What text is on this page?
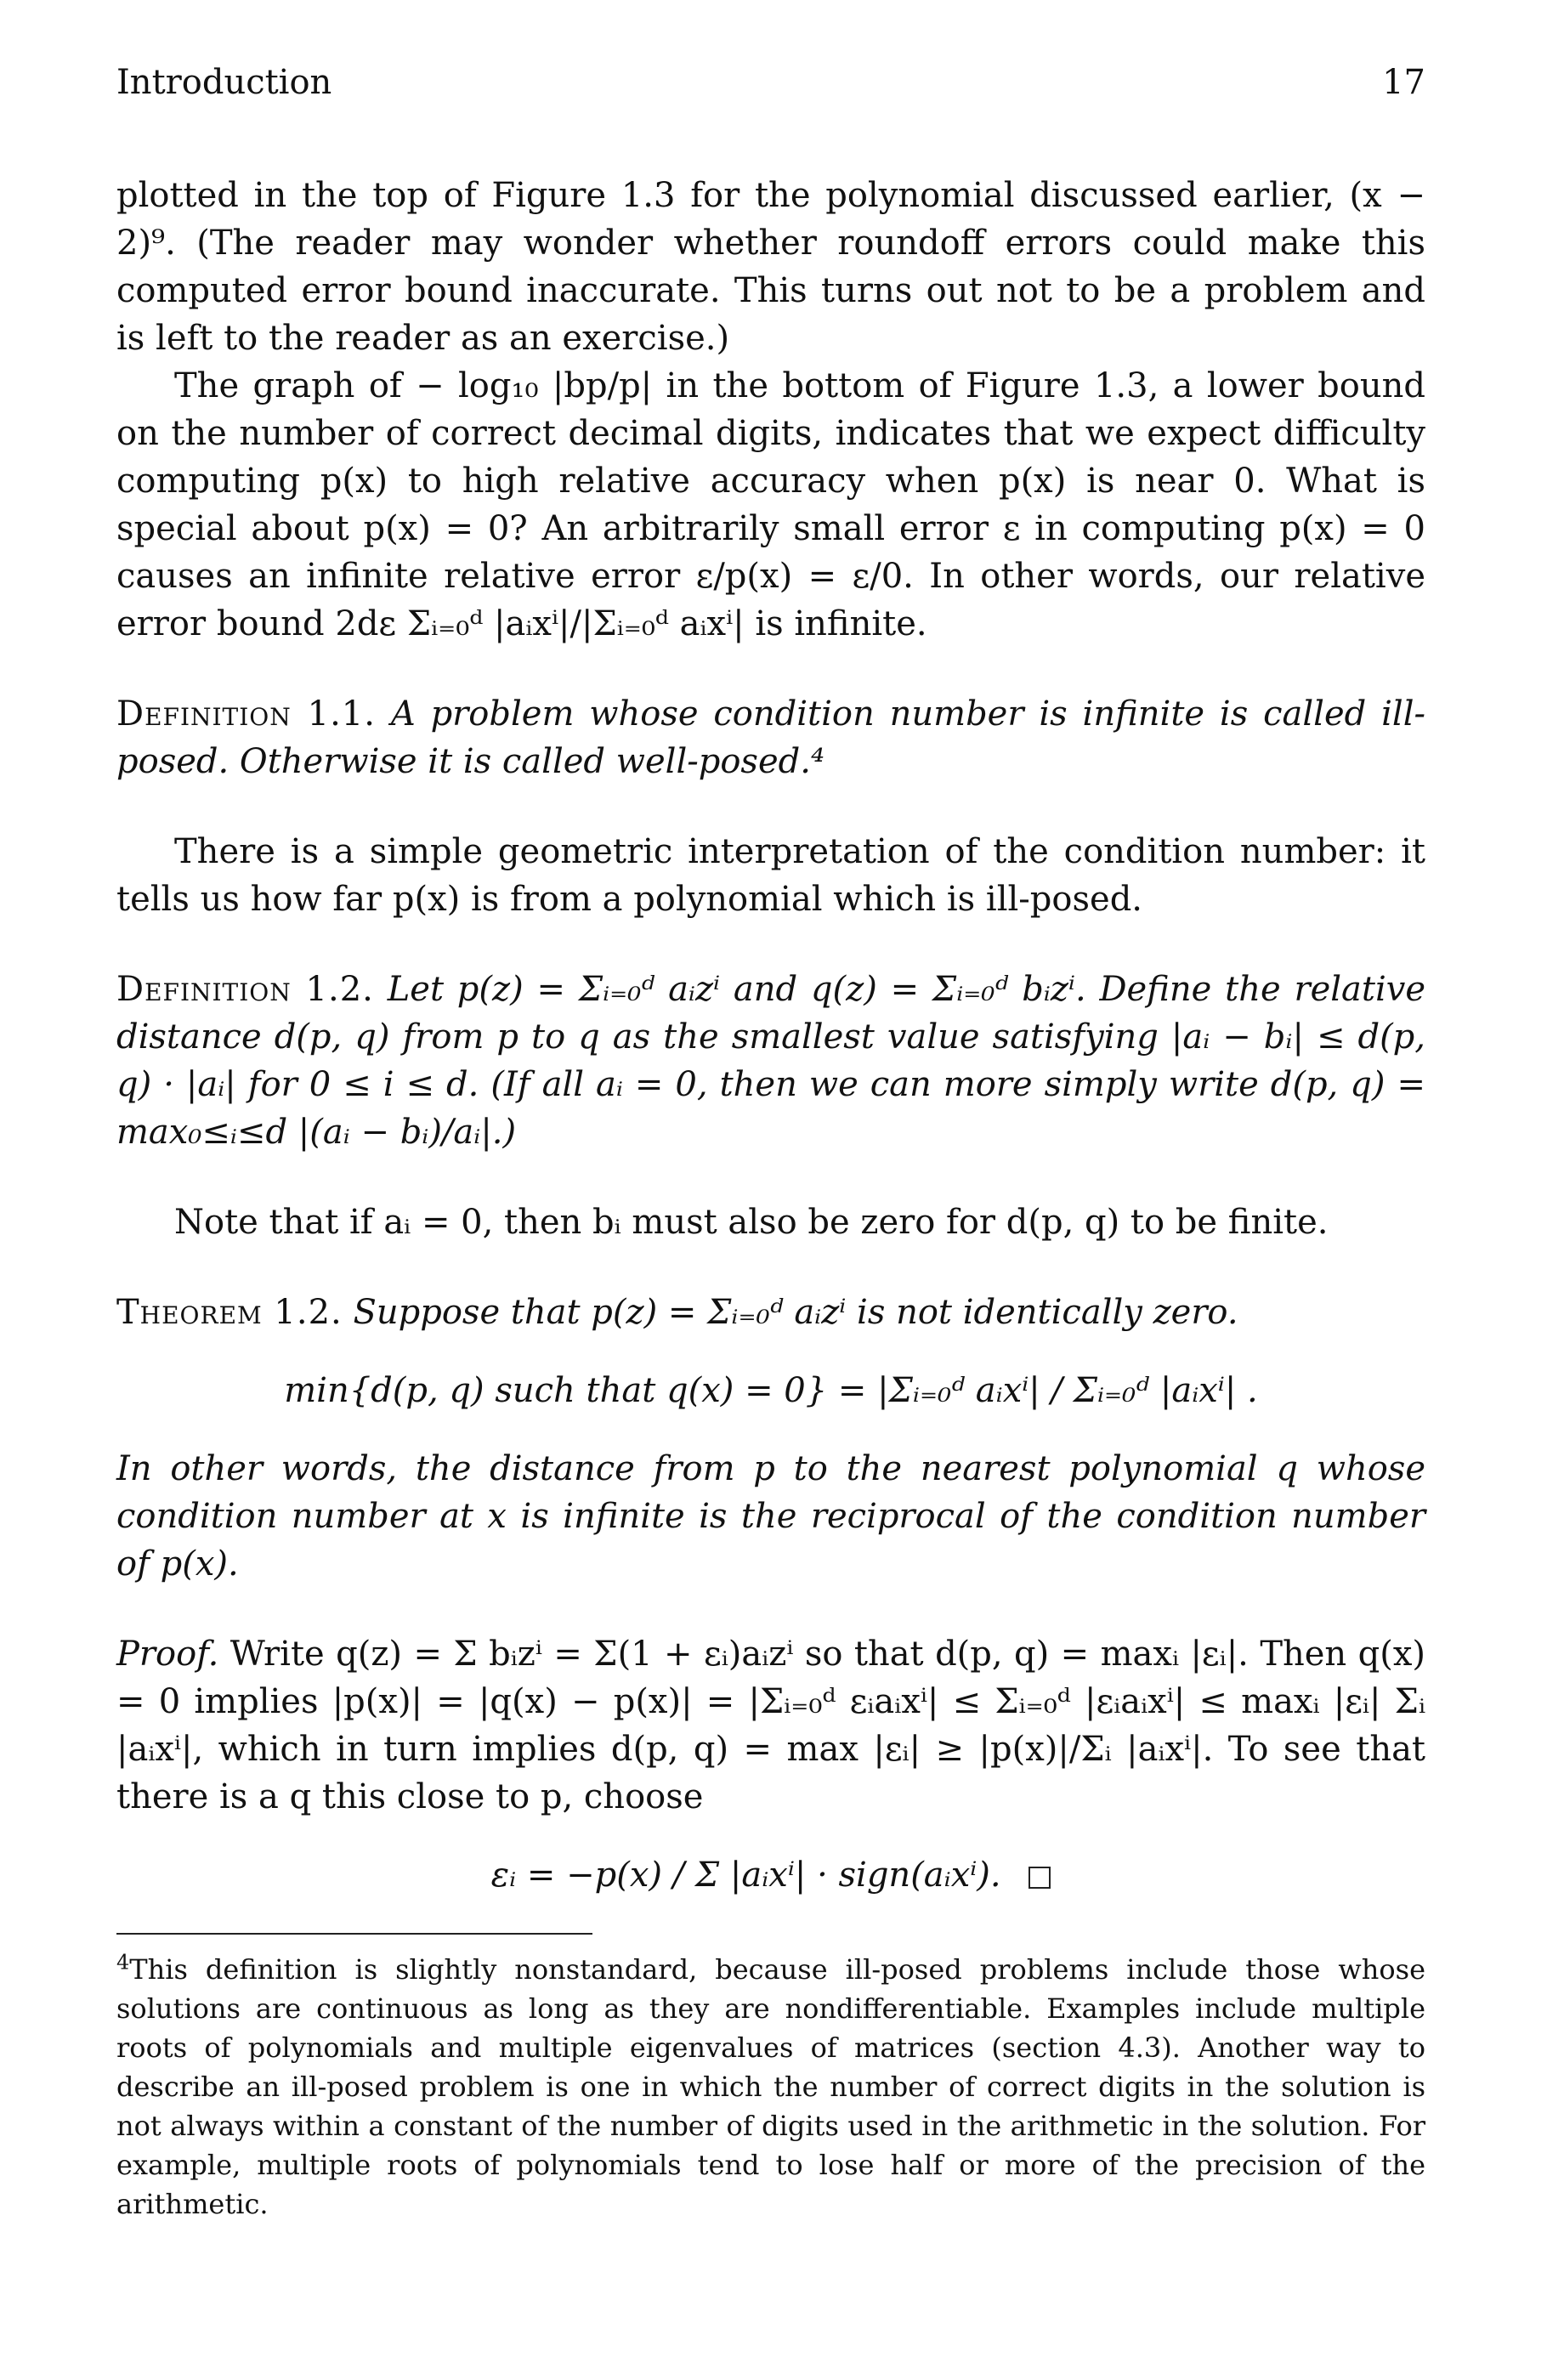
Introduction	17

plotted in the top of Figure 1.3 for the polynomial discussed earlier, (x − 2)⁹. (The reader may wonder whether roundoff errors could make this computed error bound inaccurate. This turns out not to be a problem and is left to the reader as an exercise.)

The graph of − log₁₀ |bp/p| in the bottom of Figure 1.3, a lower bound on the number of correct decimal digits, indicates that we expect difficulty computing p(x) to high relative accuracy when p(x) is near 0. What is special about p(x) = 0? An arbitrarily small error ε in computing p(x) = 0 causes an infinite relative error ε/p(x) = ε/0. In other words, our relative error bound 2dε Σᵢ₌₀ᵈ |aᵢxⁱ|/|Σᵢ₌₀ᵈ aᵢxⁱ| is infinite.

Definition 1.1. A problem whose condition number is infinite is called ill-posed. Otherwise it is called well-posed.⁴

There is a simple geometric interpretation of the condition number: it tells us how far p(x) is from a polynomial which is ill-posed.

Definition 1.2. Let p(z) = Σᵢ₌₀ᵈ aᵢzⁱ and q(z) = Σᵢ₌₀ᵈ bᵢzⁱ. Define the relative distance d(p, q) from p to q as the smallest value satisfying |aᵢ − bᵢ| ≤ d(p, q) · |aᵢ| for 0 ≤ i ≤ d. (If all aᵢ = 0, then we can more simply write d(p, q) = max₀≤ᵢ≤d |(aᵢ − bᵢ)/aᵢ|.)

Note that if aᵢ = 0, then bᵢ must also be zero for d(p, q) to be finite.

Theorem 1.2. Suppose that p(z) = Σᵢ₌₀ᵈ aᵢzⁱ is not identically zero.

min{d(p, q) such that q(x) = 0} = |Σᵢ₌₀ᵈ aᵢxⁱ| / Σᵢ₌₀ᵈ |aᵢxⁱ| .

In other words, the distance from p to the nearest polynomial q whose condition number at x is infinite is the reciprocal of the condition number of p(x).

Proof. Write q(z) = Σ bᵢzⁱ = Σ(1 + εᵢ)aᵢzⁱ so that d(p, q) = maxᵢ |εᵢ|. Then q(x) = 0 implies |p(x)| = |q(x) − p(x)| = |Σᵢ₌₀ᵈ εᵢaᵢxⁱ| ≤ Σᵢ₌₀ᵈ |εᵢaᵢxⁱ| ≤ maxᵢ |εᵢ| Σᵢ |aᵢxⁱ|, which in turn implies d(p, q) = max |εᵢ| ≥ |p(x)|/Σᵢ |aᵢxⁱ|. To see that there is a q this close to p, choose

εᵢ = −p(x) / Σ |aᵢxⁱ| · sign(aᵢxⁱ).

$^4$This definition is slightly nonstandard, because ill-posed problems include those whose solutions are continuous as long as they are nondifferentiable. Examples include multiple roots of polynomials and multiple eigenvalues of matrices (section 4.3). Another way to describe an ill-posed problem is one in which the number of correct digits in the solution is not always within a constant of the number of digits used in the arithmetic in the solution. For example, multiple roots of polynomials tend to lose half or more of the precision of the arithmetic.
